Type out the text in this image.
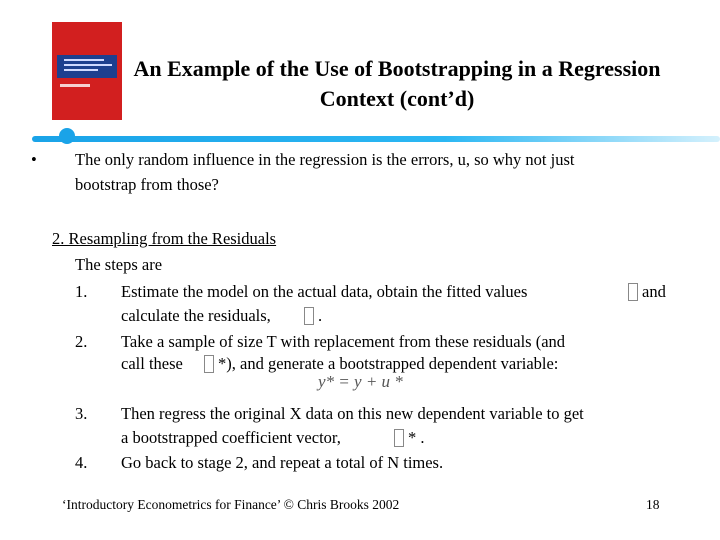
An Example of the Use of Bootstrapping in a Regression
Context (cont’d)
• The only random influence in the regression is the errors, u, so why not just
bootstrap from those?
2. Resampling from the Residuals
The steps are
1. Estimate the model on the actual data, obtain the fitted values	and
calculate the residuals,	.
2. Take a sample of size T with replacement from these residuals (and
call these *), and generate a bootstrapped dependent variable:
y* = y + u *
3. Then regress the original X data on this new dependent variable to get
a bootstrapped coefficient vector,	* .
4. Go back to stage 2, and repeat a total of N times.
‘Introductory Econometrics for Finance’ © Chris Brooks 2002	18
